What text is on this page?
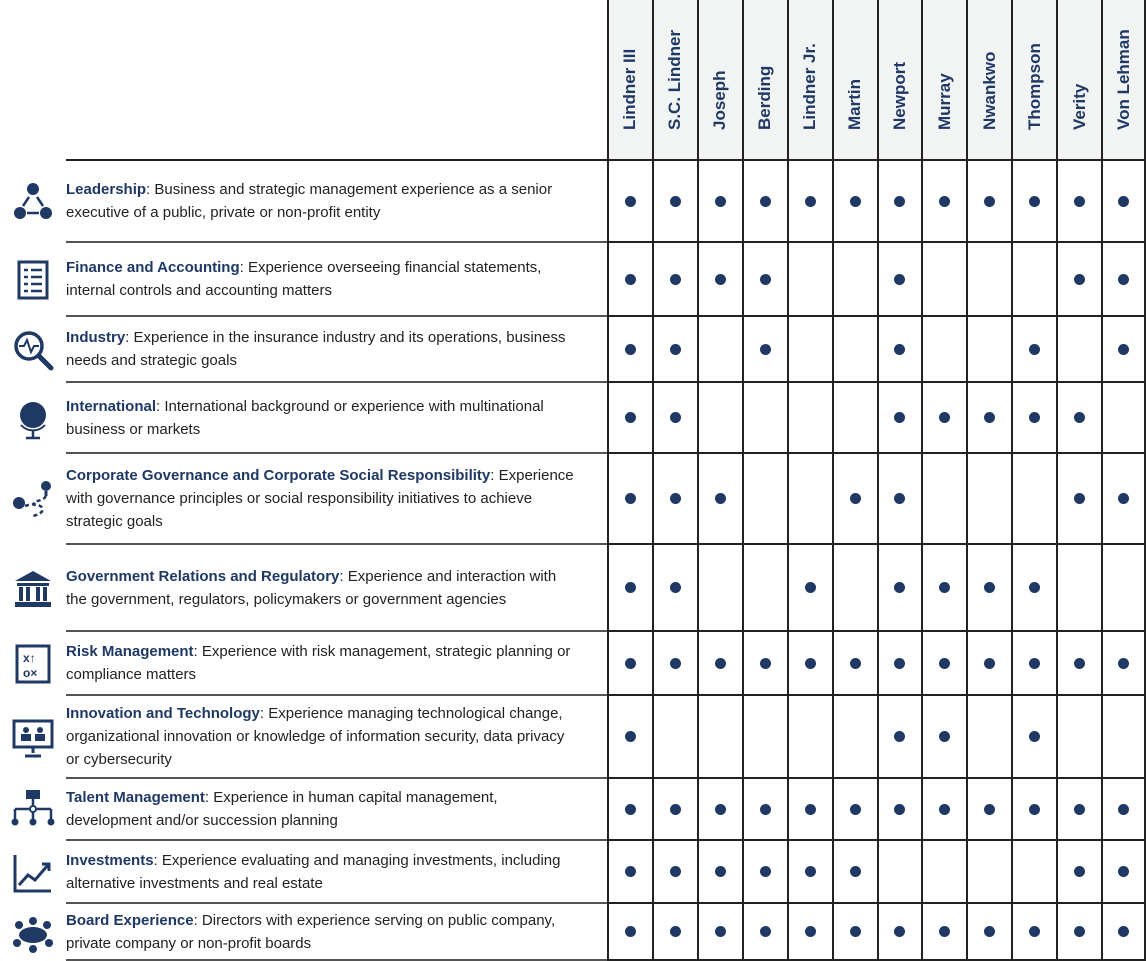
Lindner III S.C. Lindner Joseph Berding Lindner Jr. Martin Newport Murray Nwankwo Thompson Verity Von Lehman
Leadership: Business and strategic management experience as a senior executive of a public, private or non-profit entity
Finance and Accounting: Experience overseeing financial statements, internal controls and accounting matters
Industry: Experience in the insurance industry and its operations, business needs and strategic goals
International: International background or experience with multinational business or markets
Corporate Governance and Corporate Social Responsibility: Experience with governance principles or social responsibility initiatives to achieve strategic goals
Government Relations and Regulatory: Experience and interaction with the government, regulators, policymakers or government agencies
x↑
o×
Risk Management: Experience with risk management, strategic planning or compliance matters
Innovation and Technology: Experience managing technological change, organizational innovation or knowledge of information security, data privacy or cybersecurity
Talent Management: Experience in human capital management, development and/or succession planning
Investments: Experience evaluating and managing investments, including alternative investments and real estate
Board Experience: Directors with experience serving on public company, private company or non-profit boards
